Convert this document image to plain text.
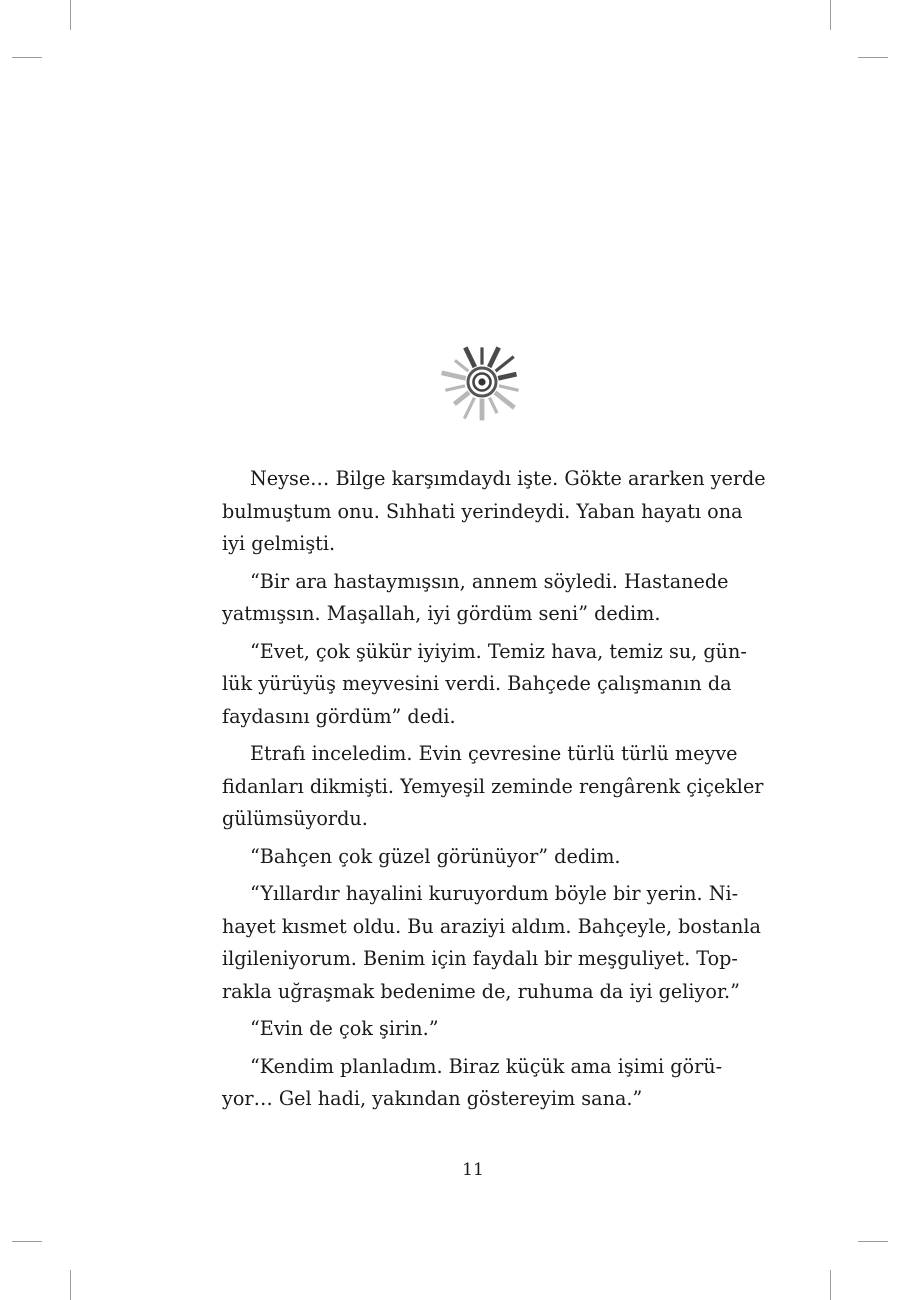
Neyse… Bilge karşımdaydı işte. Gökte ararken yerde
bulmuştum onu. Sıhhati yerindeydi. Yaban hayatı ona
iyi gelmişti.

“Bir ara hastaymışsın, annem söyledi. Hastanede
yatmışsın. Maşallah, iyi gördüm seni” dedim.

“Evet, çok şükür iyiyim. Temiz hava, temiz su, gün-
lük yürüyüş meyvesini verdi. Bahçede çalışmanın da
faydasını gördüm” dedi.

Etrafı inceledim. Evin çevresine türlü türlü meyve
fidanları dikmişti. Yemyeşil zeminde rengârenk çiçekler
gülümsüyordu.

“Bahçen çok güzel görünüyor” dedim.

“Yıllardır hayalini kuruyordum böyle bir yerin. Ni-
hayet kısmet oldu. Bu araziyi aldım. Bahçeyle, bostanla
ilgileniyorum. Benim için faydalı bir meşguliyet. Top-
rakla uğraşmak bedenime de, ruhuma da iyi geliyor.”

“Evin de çok şirin.”

“Kendim planladım. Biraz küçük ama işimi görü-
yor… Gel hadi, yakından göstereyim sana.”

11
